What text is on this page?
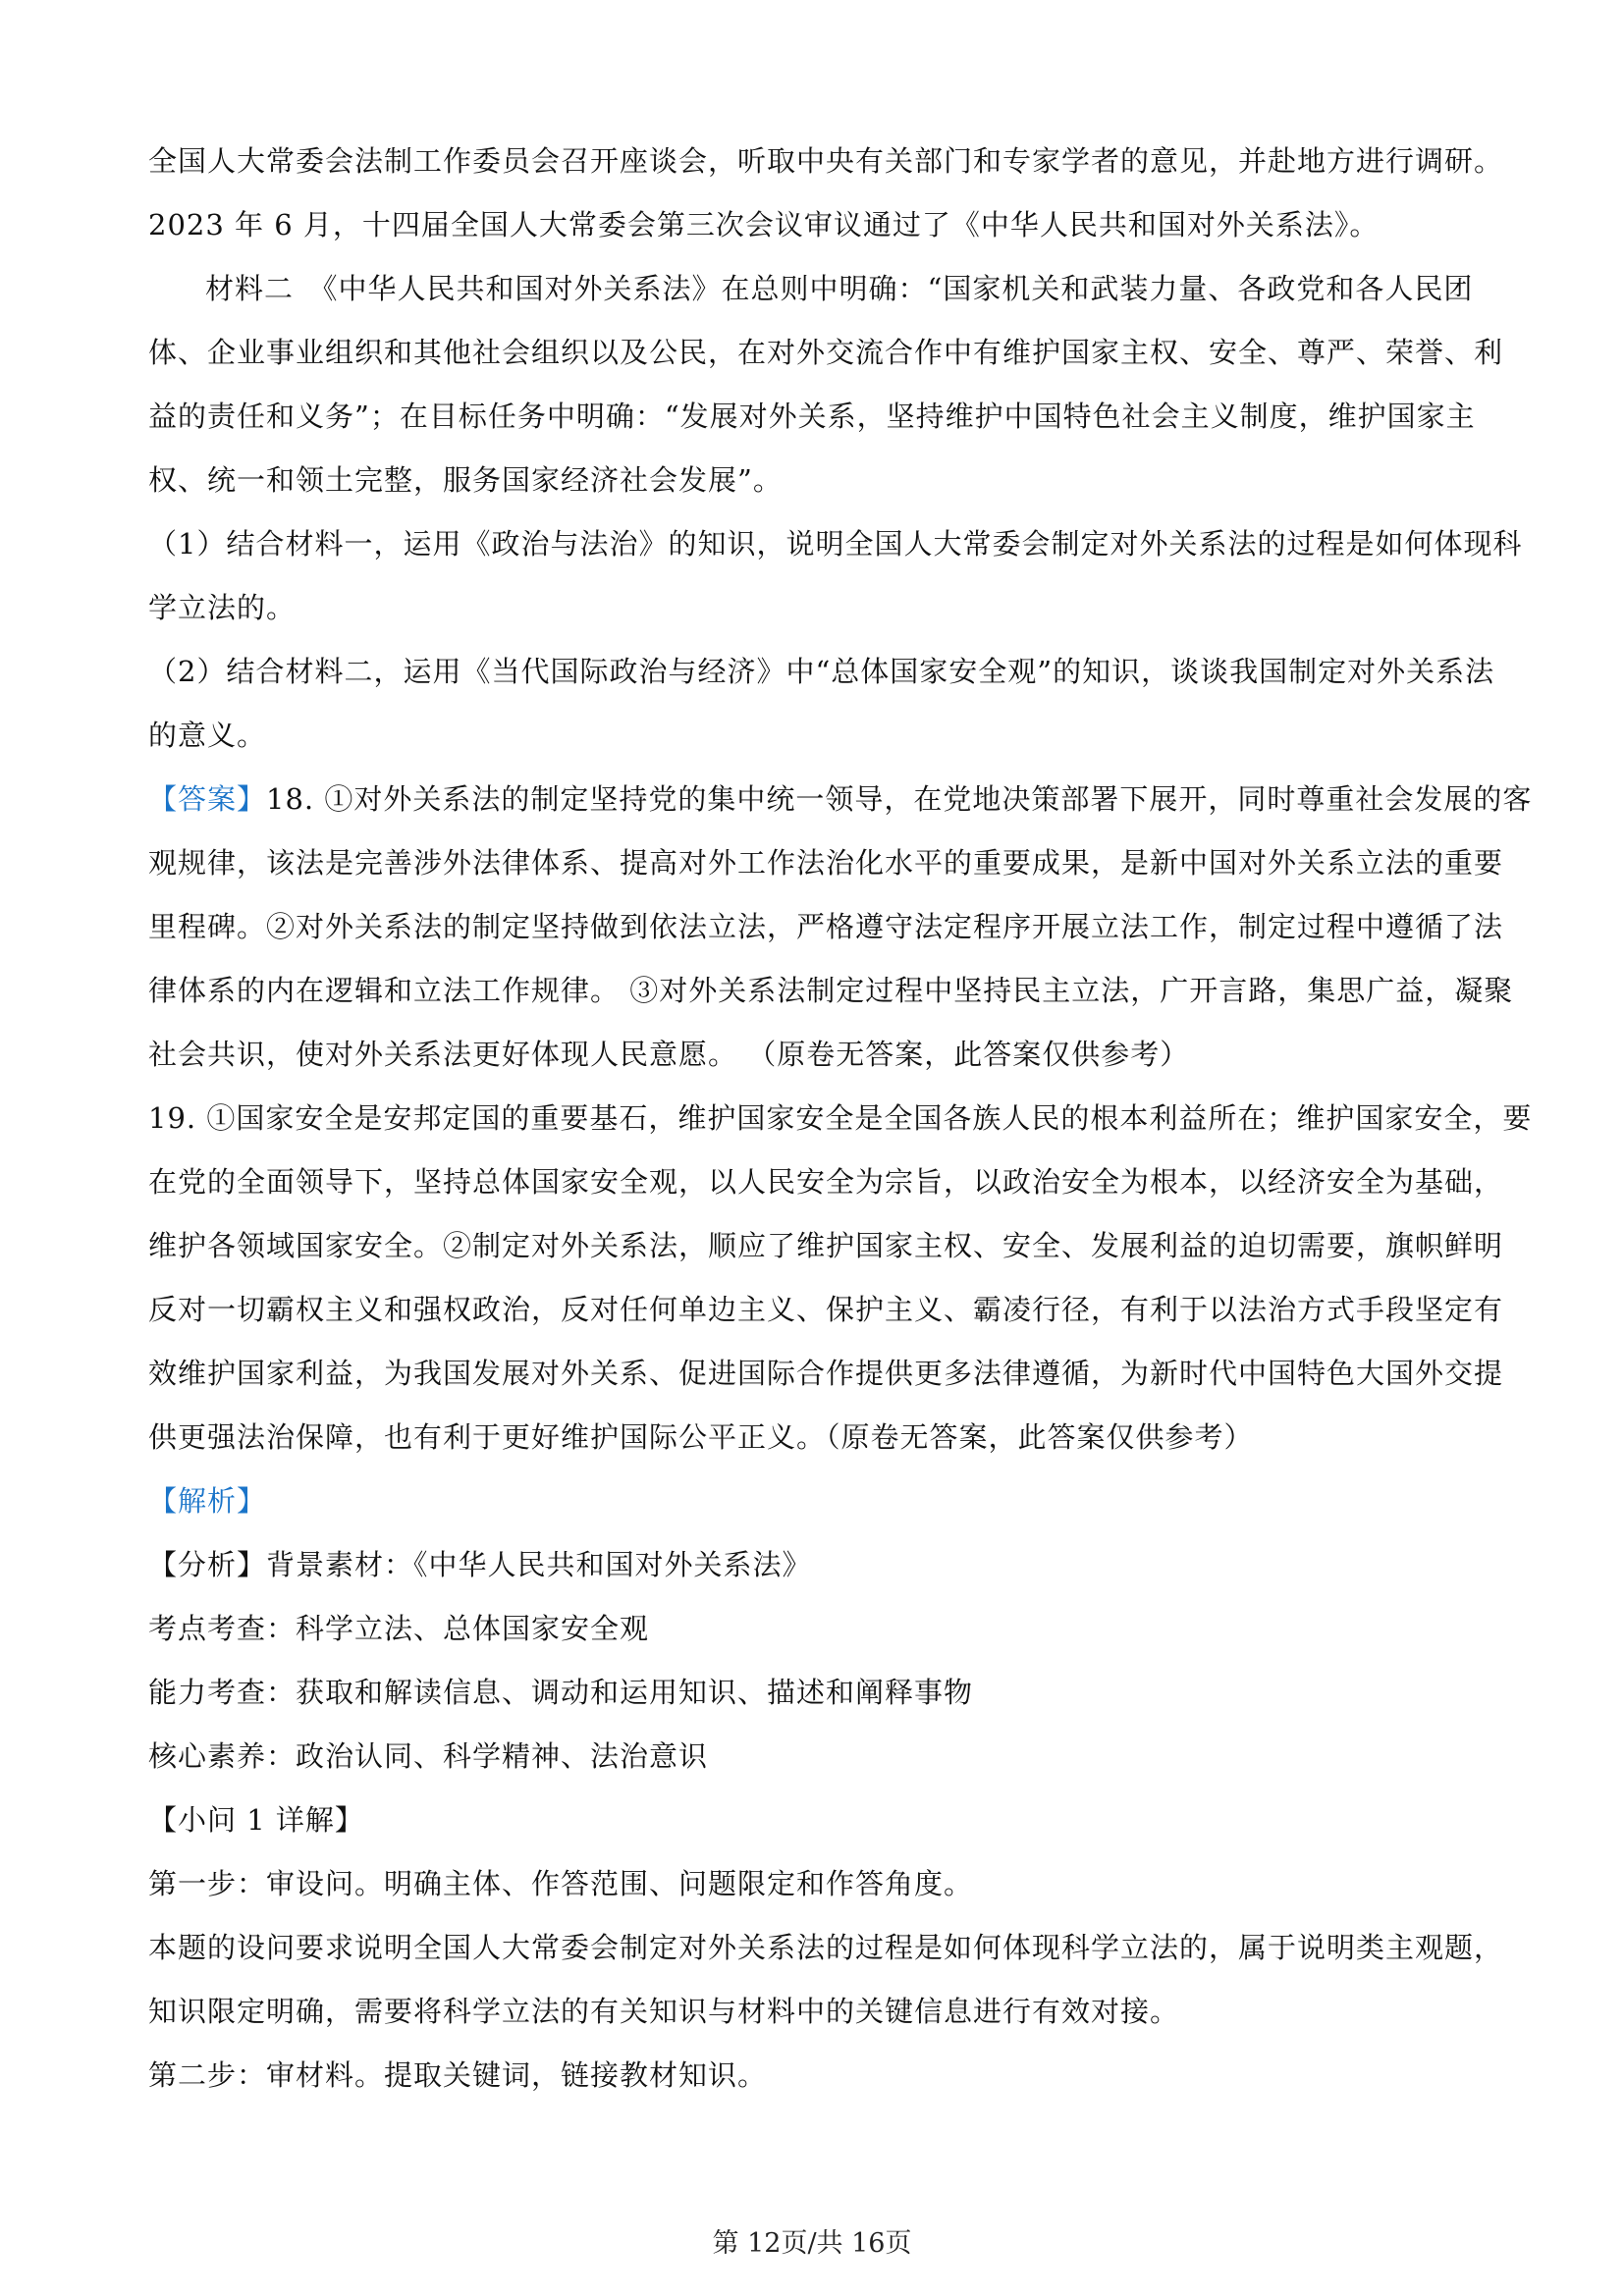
全国人大常委会法制工作委员会召开座谈会，听取中央有关部门和专家学者的意见，并赴地方进行调研。
2023 年 6 月，十四届全国人大常委会第三次会议审议通过了《中华人民共和国对外关系法》。
材料二　《中华人民共和国对外关系法》在总则中明确：“国家机关和武装力量、各政党和各人民团
体、企业事业组织和其他社会组织以及公民，在对外交流合作中有维护国家主权、安全、尊严、荣誉、利
益的责任和义务”；在目标任务中明确：“发展对外关系，坚持维护中国特色社会主义制度，维护国家主
权、统一和领土完整，服务国家经济社会发展”。
（1）结合材料一，运用《政治与法治》的知识，说明全国人大常委会制定对外关系法的过程是如何体现科
学立法的。
（2）结合材料二，运用《当代国际政治与经济》中“总体国家安全观”的知识，谈谈我国制定对外关系法
的意义。
【答案】18. ①对外关系法的制定坚持党的集中统一领导，在党地决策部署下展开，同时尊重社会发展的客
观规律，该法是完善涉外法律体系、提高对外工作法治化水平的重要成果，是新中国对外关系立法的重要
里程碑。②对外关系法的制定坚持做到依法立法，严格遵守法定程序开展立法工作，制定过程中遵循了法
律体系的内在逻辑和立法工作规律。 ③对外关系法制定过程中坚持民主立法，广开言路，集思广益，凝聚
社会共识，使对外关系法更好体现人民意愿。 （原卷无答案，此答案仅供参考）
19. ①国家安全是安邦定国的重要基石，维护国家安全是全国各族人民的根本利益所在；维护国家安全，要
在党的全面领导下，坚持总体国家安全观，以人民安全为宗旨，以政治安全为根本，以经济安全为基础，
维护各领域国家安全。②制定对外关系法，顺应了维护国家主权、安全、发展利益的迫切需要，旗帜鲜明
反对一切霸权主义和强权政治，反对任何单边主义、保护主义、霸凌行径，有利于以法治方式手段坚定有
效维护国家利益，为我国发展对外关系、促进国际合作提供更多法律遵循，为新时代中国特色大国外交提
供更强法治保障，也有利于更好维护国际公平正义。（原卷无答案，此答案仅供参考）
【解析】
【分析】背景素材：《中华人民共和国对外关系法》
考点考查：科学立法、总体国家安全观
能力考查：获取和解读信息、调动和运用知识、描述和阐释事物
核心素养：政治认同、科学精神、法治意识
【小问 1 详解】
第一步：审设问。明确主体、作答范围、问题限定和作答角度。
本题的设问要求说明全国人大常委会制定对外关系法的过程是如何体现科学立法的，属于说明类主观题，
知识限定明确，需要将科学立法的有关知识与材料中的关键信息进行有效对接。
第二步：审材料。提取关键词，链接教材知识。
第 12页/共 16页
